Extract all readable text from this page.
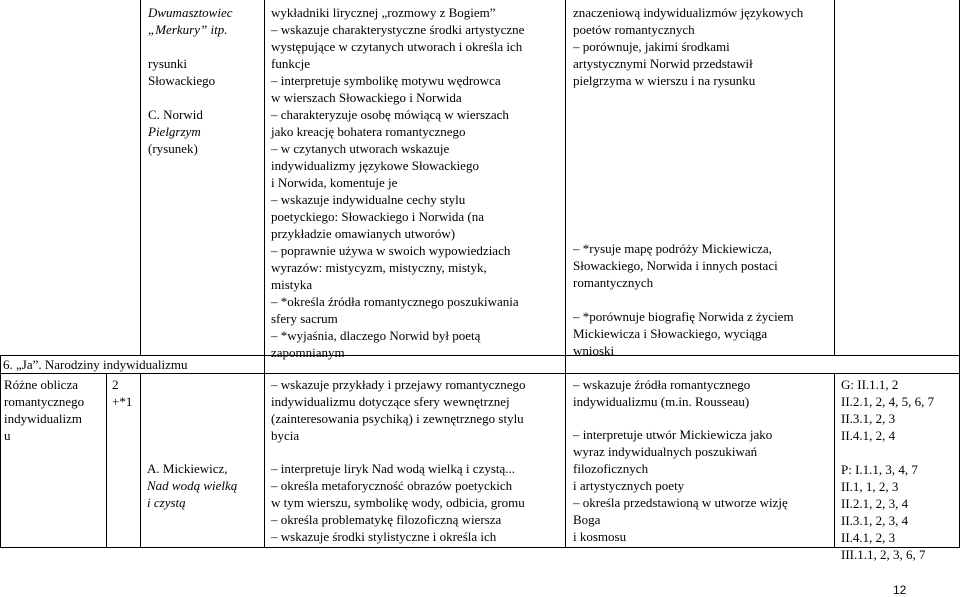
Dwumasztowiec

„Merkury” itp.

rysunki

Słowackiego

C. Norwid

Pielgrzym

(rysunek)

wykładniki lirycznej „rozmowy z Bogiem”

– wskazuje charakterystyczne środki artystyczne

występujące w czytanych utworach i określa ich

funkcje

– interpretuje symbolikę motywu wędrowca

w wierszach Słowackiego i Norwida

– charakteryzuje osobę mówiącą w wierszach

jako kreację bohatera romantycznego

– w czytanych utworach wskazuje

indywidualizmy językowe Słowackiego

i Norwida, komentuje je

– wskazuje indywidualne cechy stylu

poetyckiego: Słowackiego i Norwida (na

przykładzie omawianych utworów)

– poprawnie używa w swoich wypowiedziach

wyrazów: mistycyzm, mistyczny, mistyk,

mistyka

– *określa źródła romantycznego poszukiwania

sfery sacrum

– *wyjaśnia, dlaczego Norwid był poetą

zapomnianym

znaczeniową indywidualizmów językowych

poetów romantycznych

– porównuje, jakimi środkami

artystycznymi Norwid przedstawił

pielgrzyma w wierszu i na rysunku

– *rysuje mapę podróży Mickiewicza,

Słowackiego, Norwida i innych postaci

romantycznych

– *porównuje biografię Norwida z życiem

Mickiewicza i Słowackiego, wyciąga

wnioski

6. „Ja”. Narodziny indywidualizmu

Różne oblicza

romantycznego

indywidualizm

u

2

+*1

A. Mickiewicz,

Nad wodą wielką

i czystą

– wskazuje przykłady i przejawy romantycznego

indywidualizmu dotyczące sfery wewnętrznej

(zainteresowania psychiką) i zewnętrznego stylu

bycia

– interpretuje liryk Nad wodą wielką i czystą...

– określa metaforyczność obrazów poetyckich

w tym wierszu, symbolikę wody, odbicia, gromu

– określa problematykę filozoficzną wiersza

– wskazuje środki stylistyczne i określa ich

– wskazuje źródła romantycznego

indywidualizmu (m.in. Rousseau)

– interpretuje utwór Mickiewicza jako

wyraz indywidualnych poszukiwań

filozoficznych

i artystycznych poety

– określa przedstawioną w utworze wizję

Boga

i kosmosu

G: II.1.1, 2

II.2.1, 2, 4, 5, 6, 7

II.3.1, 2, 3

II.4.1, 2, 4

P: I.1.1, 3, 4, 7

II.1, 1, 2, 3

II.2.1, 2, 3, 4

II.3.1, 2, 3, 4

II.4.1, 2, 3

III.1.1, 2, 3, 6, 7

12
